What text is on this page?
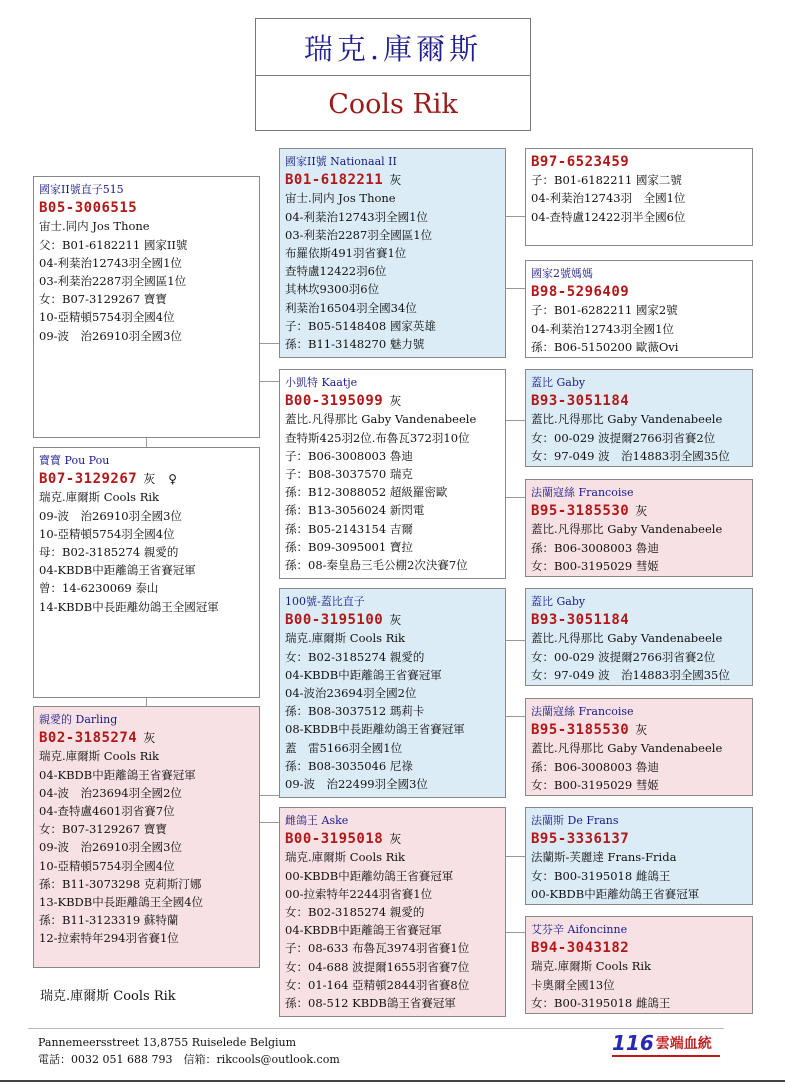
瑞克.庫爾斯
Cools Rik
國家II號直子515
B05-3006515
宙士.同内 Jos Thone
父：B01-6182211 國家II號
04-利棻治12743羽全國1位
03-利棻治2287羽全國區1位
女：B07-3129267 寶寶
10-亞精頓5754羽全國4位
09-波　治26910羽全國3位
寶寶 Pou Pou
B07-3129267 灰　♀
瑞克.庫爾斯 Cools Rik
09-波　治26910羽全國3位
10-亞精頓5754羽全國4位
母：B02-3185274 親愛的
04-KBDB中距離鴿王省賽冠軍
曾：14-6230069 泰山
14-KBDB中長距離幼鴿王全國冠軍
親愛的 Darling
B02-3185274 灰
瑞克.庫爾斯 Cools Rik
04-KBDB中距離鴿王省賽冠軍
04-波　治23694羽全國2位
04-查特盧4601羽省賽7位
女：B07-3129267 寶寶
09-波　治26910羽全國3位
10-亞精頓5754羽全國4位
孫：B11-3073298 克莉斯汀娜
13-KBDB中長距離鴿王全國4位
孫：B11-3123319 蘇特蘭
12-拉索特年294羽省賽1位
國家II號 Nationaal II
B01-6182211 灰
宙士.同内 Jos Thone
04-利棻治12743羽全國1位
03-利棻治2287羽全國區1位
布羅依斯491羽省賽1位
查特盧12422羽6位
其林坎9300羽6位
利棻治16504羽全國34位
子：B05-5148408 國家英雄
孫：B11-3148270 魅力號
小凱特 Kaatje
B00-3195099 灰
蓋比.凡得那比 Gaby Vandenabeele
查特斯425羽2位.布魯瓦372羽10位
子：B06-3008003 魯迪
子：B08-3037570 瑞克
孫：B12-3088052 超級羅密歐
孫：B13-3056024 新閃電
孫：B05-2143154 吉爾
孫：B09-3095001 寶拉
孫：08-秦皇島三毛公棚2次決賽7位
100號-蓋比直子
B00-3195100 灰
瑞克.庫爾斯 Cools Rik
女：B02-3185274 親愛的
04-KBDB中距離鴿王省賽冠軍
04-波治23694羽全國2位
孫：B08-3037512 瑪莉卡
08-KBDB中長距離幼鴿王省賽冠軍
蓋　雷5166羽全國1位
孫：B08-3035046 尼祿
09-波　治22499羽全國3位
雌鴿王 Aske
B00-3195018 灰
瑞克.庫爾斯 Cools Rik
00-KBDB中距離幼鴿王省賽冠軍
00-拉索特年2244羽省賽1位
女：B02-3185274 親愛的
04-KBDB中距離鴿王省賽冠軍
子：08-633 布魯瓦3974羽省賽1位
女：04-688 波提爾1655羽省賽7位
女：01-164 亞精頓2844羽省賽8位
孫：08-512 KBDB鴿王省賽冠軍
B97-6523459
子：B01-6182211 國家二號
04-利棻治12743羽　全國1位
04-查特盧12422羽半全國6位
國家2號媽媽
B98-5296409
子：B01-6282211 國家2號
04-利棻治12743羽全國1位
孫：B06-5150200 歐薇Ovi
蓋比 Gaby
B93-3051184
蓋比.凡得那比 Gaby Vandenabeele
女：00-029 波提爾2766羽省賽2位
女：97-049 波　治14883羽全國35位
法蘭寇絲 Francoise
B95-3185530 灰
蓋比.凡得那比 Gaby Vandenabeele
孫：B06-3008003 魯迪
女：B00-3195029 彗姬
蓋比 Gaby
B93-3051184
蓋比.凡得那比 Gaby Vandenabeele
女：00-029 波提爾2766羽省賽2位
女：97-049 波　治14883羽全國35位
法蘭寇絲 Francoise
B95-3185530 灰
蓋比.凡得那比 Gaby Vandenabeele
孫：B06-3008003 魯迪
女：B00-3195029 彗姬
法蘭斯 De Frans
B95-3336137
法蘭斯-芙麗達 Frans-Frida
女：B00-3195018 雌鴿王
00-KBDB中距離幼鴿王省賽冠軍
艾芬辛 Aifoncinne
B94-3043182
瑞克.庫爾斯 Cools Rik
卡奧爾全國13位
女：B00-3195018 雌鴿王
瑞克.庫爾斯 Cools Rik
Pannemeersstreet 13,8755 Ruiselede Belgium
電話：0032 051 688 793　信箱：rikcools@outlook.com
116 雲端血統
